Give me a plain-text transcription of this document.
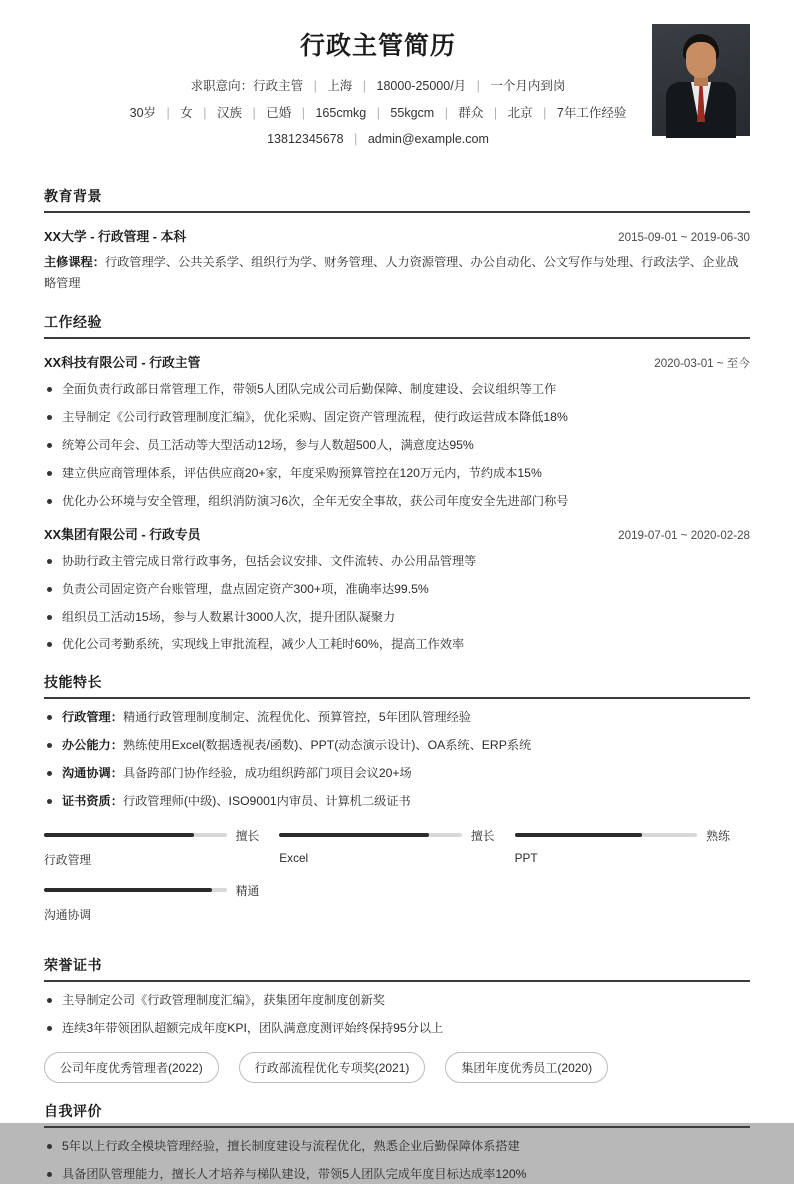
行政主管简历
求职意向：行政主管 | 上海 | 18000-25000/月 | 一个月内到岗
30岁 | 女 | 汉族 | 已婚 | 165cmkg | 55kgcm | 群众 | 北京 | 7年工作经验
13812345678 | admin@example.com
教育背景
XX大学 - 行政管理 - 本科	2015-09-01 ~ 2019-06-30
主修课程：行政管理学、公共关系学、组织行为学、财务管理、人力资源管理、办公自动化、公文写作与处理、行政法学、企业战略管理
工作经验
XX科技有限公司 - 行政主管	2020-03-01 ~ 至今
全面负责行政部日常管理工作，带领5人团队完成公司后勤保障、制度建设、会议组织等工作
主导制定《公司行政管理制度汇编》，优化采购、固定资产管理流程，使行政运营成本降低18%
统筹公司年会、员工活动等大型活动12场，参与人数超500人，满意度达95%
建立供应商管理体系，评估供应商20+家，年度采购预算管控在120万元内，节约成本15%
优化办公环境与安全管理，组织消防演习6次，全年无安全事故，获公司年度安全先进部门称号
XX集团有限公司 - 行政专员	2019-07-01 ~ 2020-02-28
协助行政主管完成日常行政事务，包括会议安排、文件流转、办公用品管理等
负责公司固定资产台账管理，盘点固定资产300+项，准确率达99.5%
组织员工活动15场，参与人数累计3000人次，提升团队凝聚力
优化公司考勤系统，实现线上审批流程，减少人工耗时60%，提高工作效率
技能特长
行政管理：精通行政管理制度制定、流程优化、预算管控，5年团队管理经验
办公能力：熟练使用Excel(数据透视表/函数)、PPT(动态演示设计)、OA系统、ERP系统
沟通协调：具备跨部门协作经验，成功组织跨部门项目会议20+场
证书资质：行政管理师(中级)、ISO9001内审员、计算机二级证书
擅长
行政管理
擅长
Excel
熟练
PPT
精通
沟通协调
荣誉证书
主导制定公司《行政管理制度汇编》，获集团年度制度创新奖
连续3年带领团队超额完成年度KPI，团队满意度测评始终保持95分以上
公司年度优秀管理者(2022)	行政部流程优化专项奖(2021)	集团年度优秀员工(2020)
自我评价
5年以上行政全模块管理经验，擅长制度建设与流程优化，熟悉企业后勤保障体系搭建
具备团队管理能力，擅长人才培养与梯队建设，带领5人团队完成年度目标达成率120%
